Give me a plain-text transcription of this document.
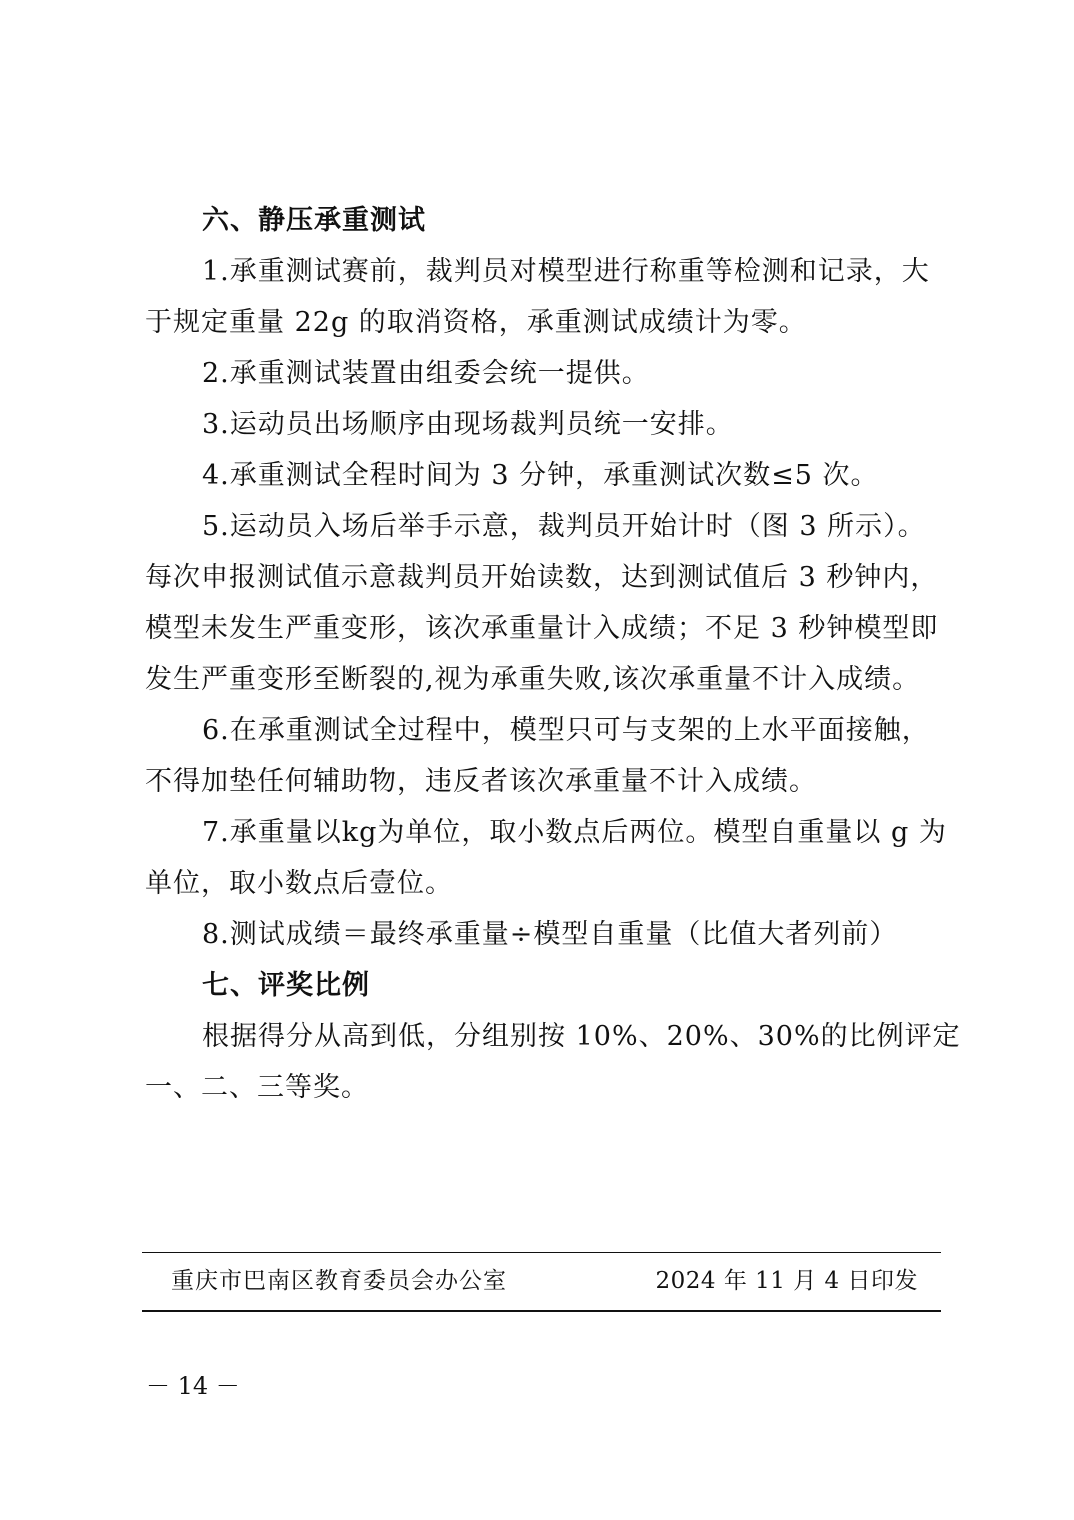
六、静压承重测试
1.承重测试赛前，裁判员对模型进行称重等检测和记录，大
于规定重量 22g 的取消资格，承重测试成绩计为零。
2.承重测试装置由组委会统一提供。
3.运动员出场顺序由现场裁判员统一安排。
4.承重测试全程时间为 3 分钟，承重测试次数≤5 次。
5.运动员入场后举手示意，裁判员开始计时（图 3 所示）。
每次申报测试值示意裁判员开始读数，达到测试值后 3 秒钟内，
模型未发生严重变形，该次承重量计入成绩；不足 3 秒钟模型即
发生严重变形至断裂的,视为承重失败,该次承重量不计入成绩。
6.在承重测试全过程中，模型只可与支架的上水平面接触，
不得加垫任何辅助物，违反者该次承重量不计入成绩。
7.承重量以kg为单位，取小数点后两位。模型自重量以 g 为
单位，取小数点后壹位。
8.测试成绩＝最终承重量÷模型自重量（比值大者列前）
七、评奖比例
根据得分从高到低，分组别按 10%、20%、30%的比例评定
一、二、三等奖。
重庆市巴南区教育委员会办公室	2024 年 11 月 4 日印发
－ 14 －
